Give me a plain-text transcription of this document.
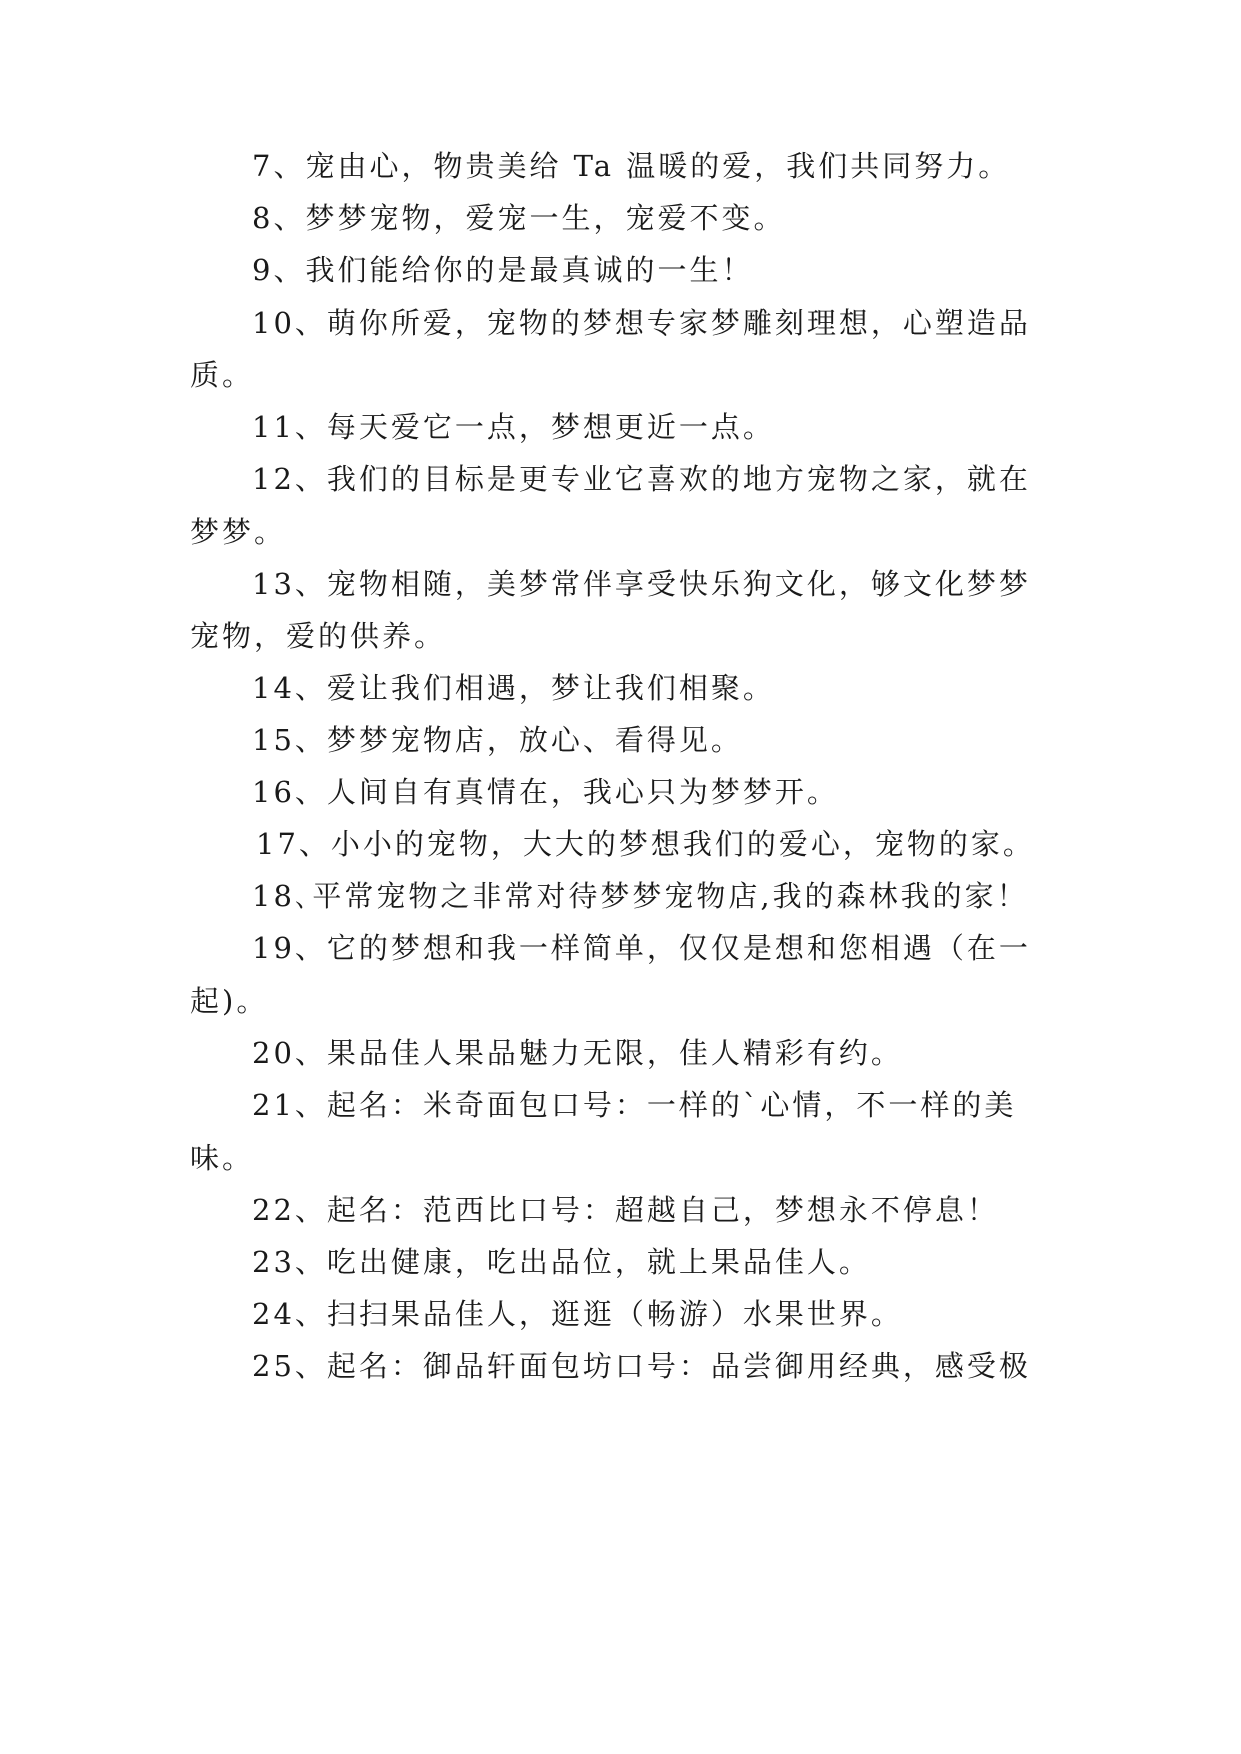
7、宠由心，物贵美给 Ta 温暖的爱，我们共同努力。
8、梦梦宠物，爱宠一生，宠爱不变。
9、我们能给你的是最真诚的一生！
10、萌你所爱，宠物的梦想专家梦雕刻理想，心塑造品
质。
11、每天爱它一点，梦想更近一点。
12、我们的目标是更专业它喜欢的地方宠物之家，就在
梦梦。
13、宠物相随，美梦常伴享受快乐狗文化，够文化梦梦
宠物，爱的供养。
14、爱让我们相遇，梦让我们相聚。
15、梦梦宠物店，放心、看得见。
16、人间自有真情在，我心只为梦梦开。
17、小小的宠物，大大的梦想我们的爱心，宠物的家。
18､平常宠物之非常对待梦梦宠物店,我的森林我的家！
19、它的梦想和我一样简单，仅仅是想和您相遇（在一
起)。
20、果品佳人果品魅力无限，佳人精彩有约。
21、起名：米奇面包口号：一样的`心情，不一样的美
味。
22、起名：范西比口号：超越自己，梦想永不停息！
23、吃出健康，吃出品位，就上果品佳人。
24、扫扫果品佳人，逛逛（畅游）水果世界。
25、起名：御品轩面包坊口号：品尝御用经典，感受极
